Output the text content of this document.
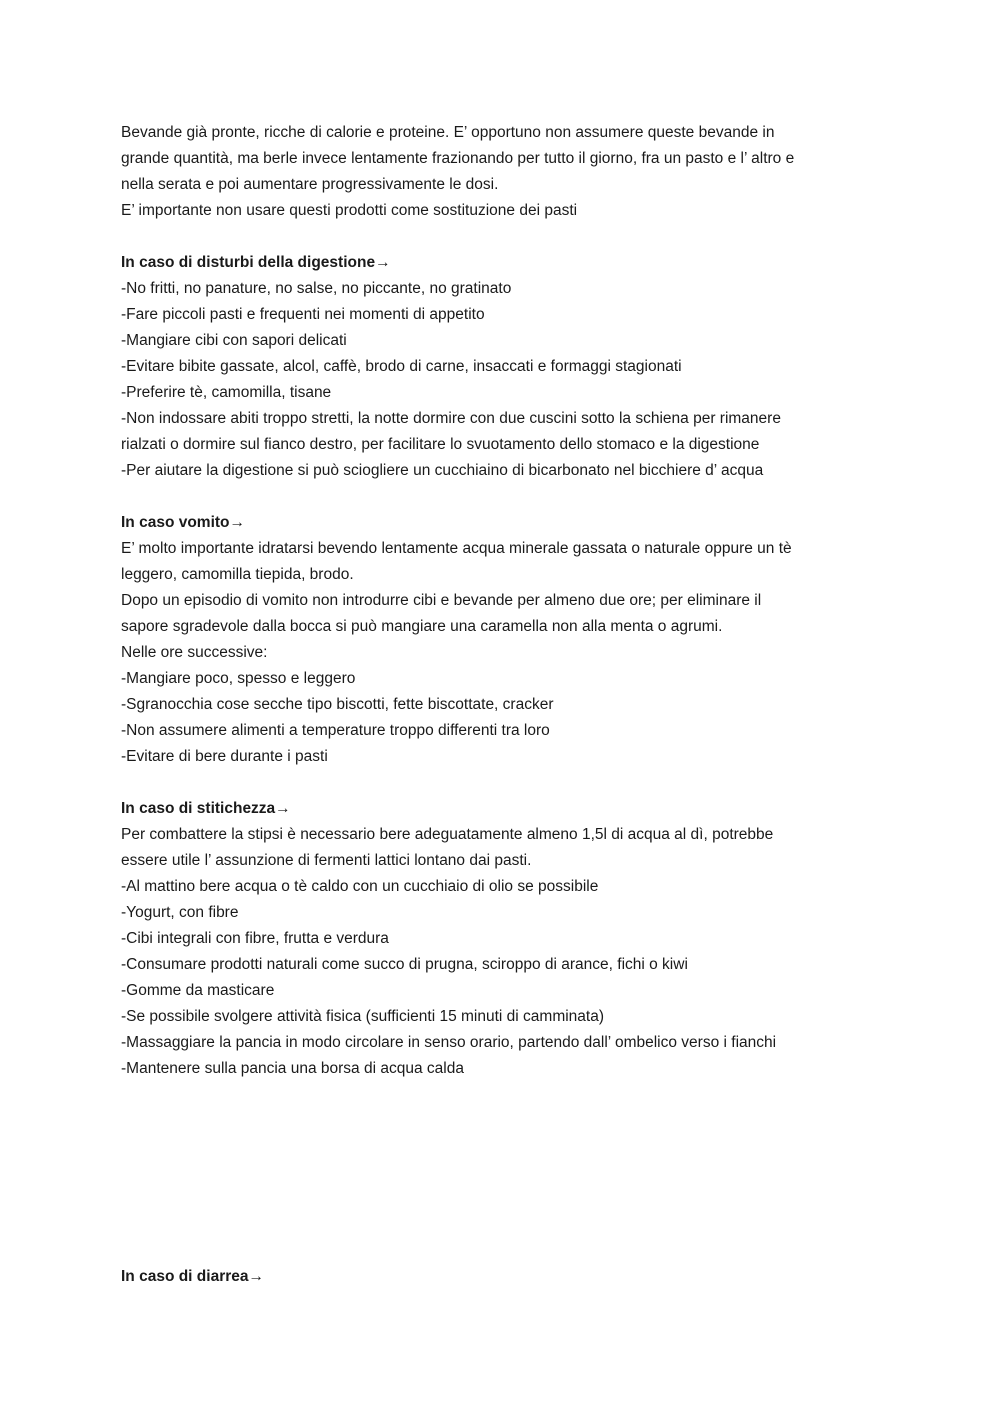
Bevande già pronte, ricche di calorie e proteine. E’ opportuno non assumere queste bevande in
grande quantità, ma berle invece lentamente frazionando per tutto il giorno, fra un pasto e l’ altro e
nella serata e poi aumentare progressivamente le dosi.
E’ importante non usare questi prodotti come sostituzione dei pasti
In caso di disturbi della digestione→
-No fritti, no panature, no salse, no piccante, no gratinato
-Fare piccoli pasti e frequenti nei momenti di appetito
-Mangiare cibi con sapori delicati
-Evitare bibite gassate, alcol, caffè, brodo di carne, insaccati e formaggi stagionati
-Preferire tè, camomilla, tisane
-Non indossare abiti troppo stretti, la notte dormire con due cuscini sotto la schiena per rimanere
rialzati o dormire sul fianco destro, per facilitare lo svuotamento dello stomaco e la digestione
-Per aiutare la digestione si può sciogliere un cucchiaino di bicarbonato nel bicchiere d’ acqua
In caso vomito→
E’ molto importante idratarsi bevendo lentamente acqua minerale gassata o naturale oppure un tè
leggero, camomilla tiepida, brodo.
Dopo un episodio di vomito non introdurre cibi e bevande per almeno due ore; per eliminare il
sapore sgradevole dalla bocca si può mangiare una caramella non alla menta o agrumi.
Nelle ore successive:
-Mangiare poco, spesso e leggero
-Sgranocchia cose secche tipo biscotti, fette biscottate, cracker
-Non assumere alimenti a temperature troppo differenti tra loro
-Evitare di bere durante i pasti
In caso di stitichezza→
Per combattere la stipsi è necessario bere adeguatamente almeno 1,5l di acqua al dì, potrebbe
essere utile l’ assunzione di fermenti lattici lontano dai pasti.
-Al mattino bere acqua o tè caldo con un cucchiaio di olio se possibile
-Yogurt, con fibre
-Cibi integrali con fibre, frutta e verdura
-Consumare prodotti naturali come succo di prugna, sciroppo di arance, fichi o kiwi
-Gomme da masticare
-Se possibile svolgere attività fisica (sufficienti 15 minuti di camminata)
-Massaggiare la pancia in modo circolare in senso orario, partendo dall’ ombelico verso i fianchi
-Mantenere sulla pancia una borsa di acqua calda
In caso di diarrea→
